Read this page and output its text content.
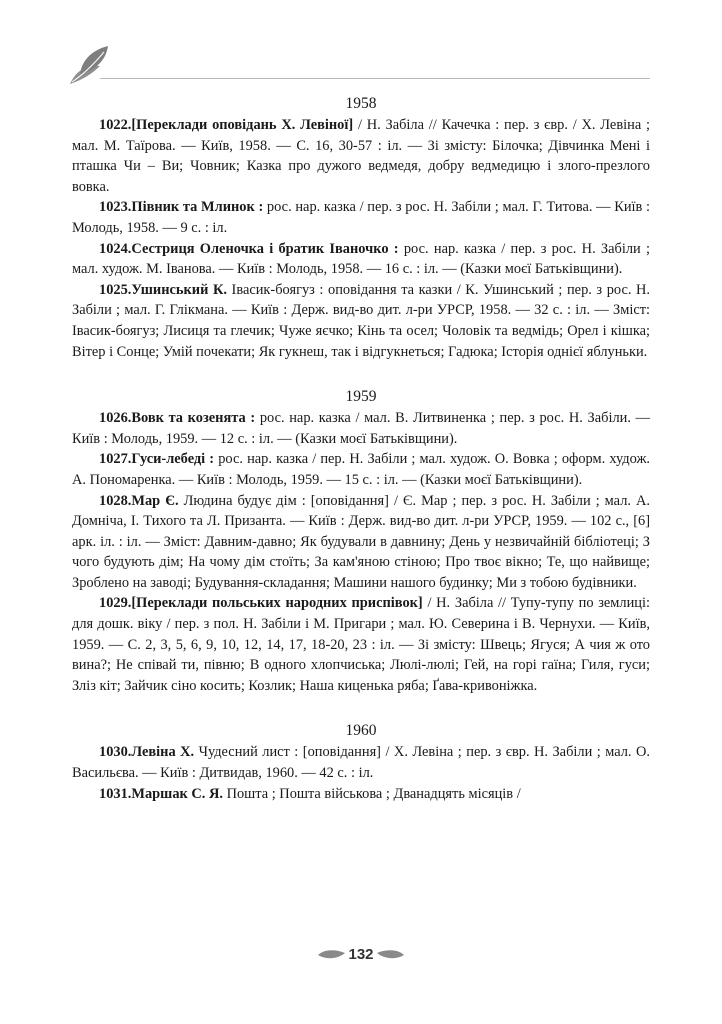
1958

1022.[Переклади оповідань Х. Левіної] / Н. Забіла // Качечка : пер. з євр. / Х. Левіна ; мал. М. Таїрова. — Київ, 1958. — С. 16, 30-57 : іл. — Зі змісту: Білочка; Дівчинка Мені і пташка Чи – Ви; Човник; Казка про дужого ведмедя, добру ведмедицю і злого-презлого вовка.

1023.Півник та Млинок : рос. нар. казка / пер. з рос. Н. Забіли ; мал. Г. Титова. — Київ : Молодь, 1958. — 9 с. : іл.

1024.Сестриця Оленочка і братик Іваночко : рос. нар. казка / пер. з рос. Н. Забіли ; мал. худож. М. Іванова. — Київ : Молодь, 1958. — 16 с. : іл. — (Казки моєї Батьківщини).

1025.Ушинський К. Івасик-боягуз : оповідання та казки / К. Ушинський ; пер. з рос. Н. Забіли ; мал. Г. Глікмана. — Київ : Держ. вид-во дит. л-ри УРСР, 1958. — 32 с. : іл. — Зміст: Івасик-боягуз; Лисиця та глечик; Чуже яєчко; Кінь та осел; Чоловік та ведмідь; Орел і кішка; Вітер і Сонце; Умій почекати; Як гукнеш, так і відгукнеться; Гадюка; Історія однієї яблуньки.

1959

1026.Вовк та козенята : рос. нар. казка / мал. В. Литвиненка ; пер. з рос. Н. Забіли. — Київ : Молодь, 1959. — 12 с. : іл. — (Казки моєї Батьківщини).

1027.Гуси-лебеді : рос. нар. казка / пер. Н. Забіли ; мал. худож. О. Вовка ; оформ. худож. А. Пономаренка. — Київ : Молодь, 1959. — 15 с. : іл. — (Казки моєї Батьківщини).

1028.Мар Є. Людина будує дім : [оповідання] / Є. Мар ; пер. з рос. Н. Забіли ; мал. А. Домніча, І. Тихого та Л. Призанта. — Київ : Держ. вид-во дит. л-ри УРСР, 1959. — 102 с., [6] арк. іл. : іл. — Зміст: Давним-давно; Як будували в давнину; День у незвичайній бібліотеці; З чого будують дім; На чому дім стоїть; За кам'яною стіною; Про твоє вікно; Те, що найвище; Зроблено на заводі; Будування-складання; Машини нашого будинку; Ми з тобою будівники.

1029.[Переклади польських народних приспівок] / Н. Забіла // Тупу-тупу по землиці: для дошк. віку / пер. з пол. Н. Забіли і М. Пригари ; мал. Ю. Северина і В. Чернухи. — Київ, 1959. — С. 2, 3, 5, 6, 9, 10, 12, 14, 17, 18-20, 23 : іл. — Зі змісту: Швець; Ягуся; А чия ж ото вина?; Не співай ти, півню; В одного хлопчиська; Люлі-люлі; Гей, на горі гаїна; Гиля, гуси; Зліз кіт; Зайчик сіно косить; Козлик; Наша киценька ряба; Ґава-кривоніжка.

1960

1030.Левіна Х. Чудесний лист : [оповідання] / Х. Левіна ; пер. з євр. Н. Забіли ; мал. О. Васильєва. — Київ : Дитвидав, 1960. — 42 с. : іл.

1031.Маршак С. Я. Пошта ; Пошта військова ; Дванадцять місяців /

132
